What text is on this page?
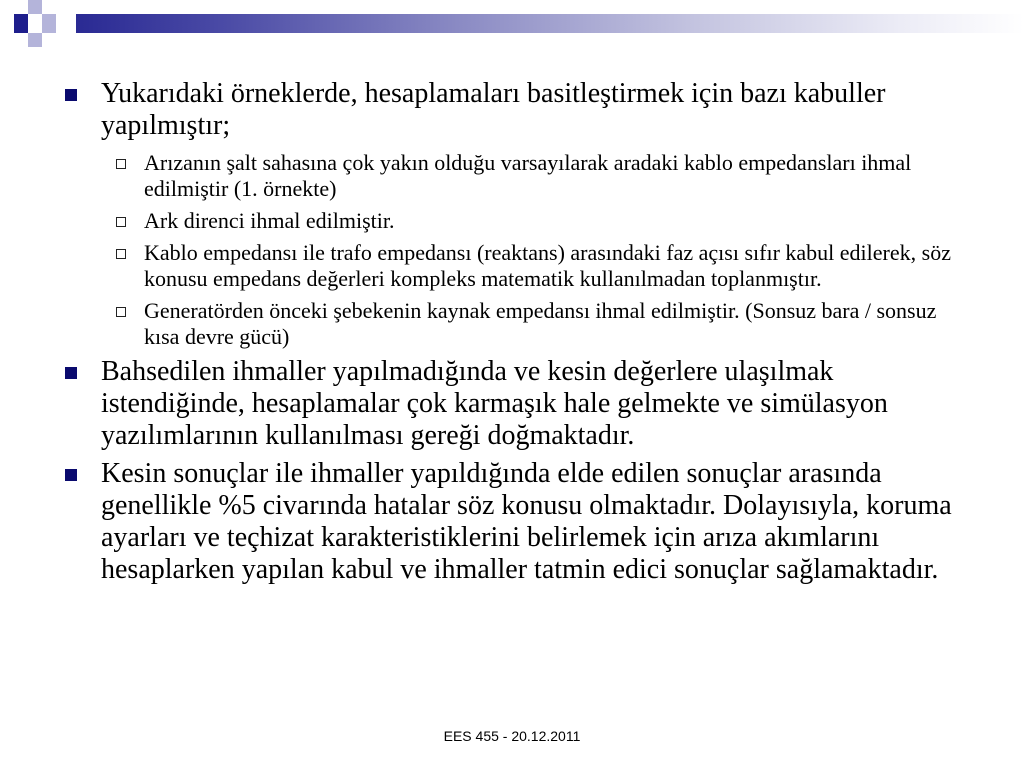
Yukarıdaki örneklerde, hesaplamaları basitleştirmek için bazı kabuller yapılmıştır;
Arızanın şalt sahasına çok yakın olduğu varsayılarak aradaki kablo empedansları ihmal edilmiştir (1. örnekte)
Ark direnci ihmal edilmiştir.
Kablo empedansı ile trafo empedansı (reaktans) arasındaki faz açısı sıfır kabul edilerek, söz konusu empedans değerleri kompleks matematik kullanılmadan toplanmıştır.
Generatörden önceki şebekenin kaynak empedansı ihmal edilmiştir. (Sonsuz bara / sonsuz kısa devre gücü)
Bahsedilen ihmaller yapılmadığında ve kesin değerlere ulaşılmak istendiğinde, hesaplamalar çok karmaşık hale gelmekte ve simülasyon yazılımlarının kullanılması gereği doğmaktadır.
Kesin sonuçlar ile ihmaller yapıldığında elde edilen sonuçlar arasında genellikle %5 civarında hatalar söz konusu olmaktadır. Dolayısıyla, koruma ayarları ve teçhizat karakteristiklerini belirlemek için arıza akımlarını hesaplarken yapılan kabul ve ihmaller tatmin edici sonuçlar sağlamaktadır.
EES 455 - 20.12.2011
